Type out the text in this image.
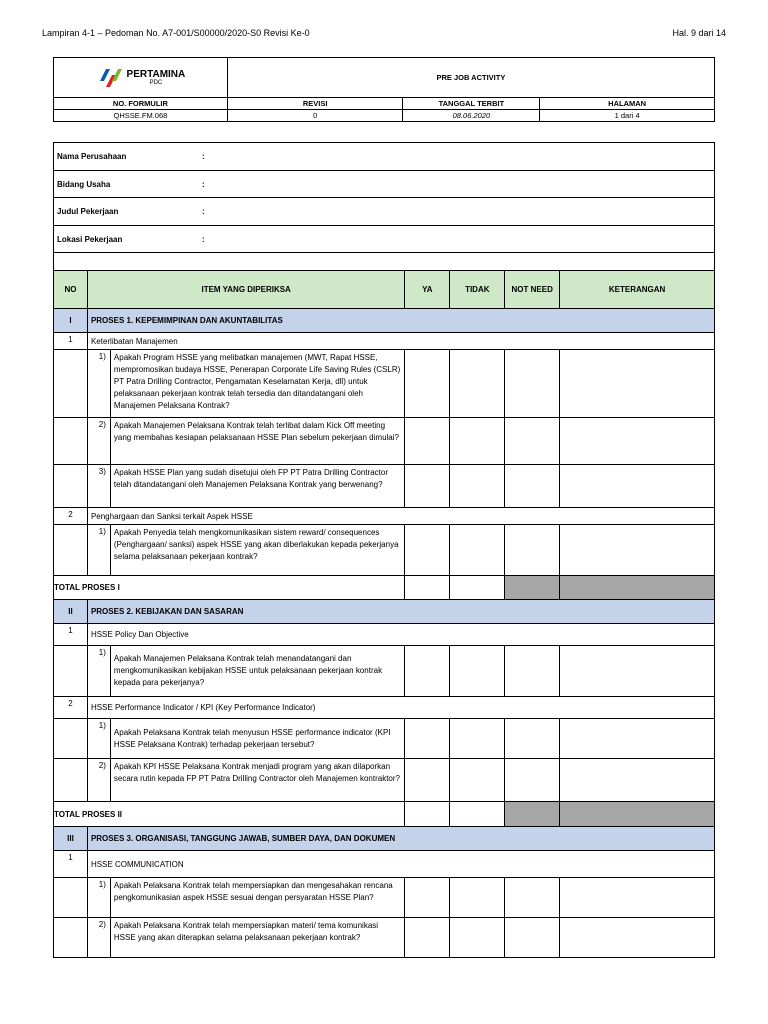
Lampiran 4-1 – Pedoman No. A7-001/S00000/2020-S0 Revisi Ke-0	Hal. 9 dari 14
PERTAMINA
PDC	PRE JOB ACTIVITY		
NO. FORMULIR	REVISI	TANGGAL TERBIT	HALAMAN
QHSSE.FM.068	0	08.06.2020	1 dari 4
Nama Perusahaan :						
Bidang Usaha :						
Judul Pekerjaan :						
Lokasi Pekerjaan :						

NO	ITEM YANG DIPERIKSA		YA	TIDAK	NOT NEED	KETERANGAN
I	PROSES 1. KEPEMIMPINAN DAN AKUNTABILITAS					
1	Keterlibatan Manajemen					
	1)	Apakah Program HSSE yang melibatkan manajemen (MWT, Rapat HSSE, mempromosikan budaya HSSE, Penerapan Corporate Life Saving Rules (CSLR) PT Patra Drilling Contractor, Pengamatan Keselamatan Kerja, dll) untuk pelaksanaan pekerjaan kontrak telah tersedia dan ditandatangani oleh Manajemen Pelaksana Kontrak?				
	2)	Apakah Manajemen Pelaksana Kontrak telah terlibat dalam Kick Off meeting yang membahas kesiapan pelaksanaan HSSE Plan sebelum pekerjaan dimulai?				
	3)	Apakah HSSE Plan yang sudah disetujui oleh FP PT Patra Drilling Contractor telah ditandatangani oleh Manajemen Pelaksana Kontrak yang berwenang?				
2	Penghargaan dan Sanksi terkait Aspek HSSE					
	1)	Apakah Penyedia telah mengkomunikasikan sistem reward/ consequences (Penghargaan/ sanksi) aspek HSSE yang akan diberlakukan kepada pekerjanya selama pelaksanaan pekerjaan kontrak?				
TOTAL PROSES I						
II	PROSES 2. KEBIJAKAN DAN SASARAN					
1	HSSE Policy Dan Objective					
	1)	Apakah Manajemen Pelaksana Kontrak telah menandatangani dan mengkomunikasikan kebijakan HSSE untuk pelaksanaan pekerjaan kontrak kepada para pekerjanya?				
2	HSSE Performance Indicator / KPI (Key Performance Indicator)					
	1)	Apakah Pelaksana Kontrak telah menyusun HSSE performance indicator (KPI HSSE Pelaksana Kontrak) terhadap pekerjaan tersebut?				
	2)	Apakah KPI HSSE Pelaksana Kontrak menjadi program yang akan dilaporkan secara rutin kepada FP PT Patra Drilling Contractor oleh Manajemen kontraktor?				
TOTAL PROSES II						
III	PROSES 3. ORGANISASI, TANGGUNG JAWAB, SUMBER DAYA, DAN DOKUMEN					
1	HSSE COMMUNICATION					
	1)	Apakah Pelaksana Kontrak telah mempersiapkan dan mengesahakan rencana pengkomunikasian aspek HSSE sesuai dengan persyaratan HSSE Plan?				
	2)	Apakah Pelaksana Kontrak telah mempersiapkan materi/ tema komunikasi HSSE yang akan diterapkan selama pelaksanaan pekerjaan kontrak?				
